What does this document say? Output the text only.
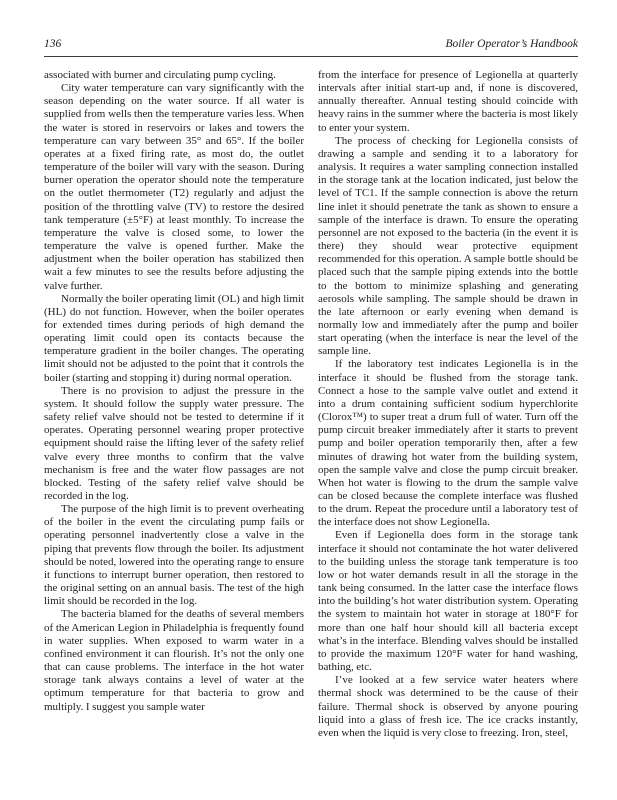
136	Boiler Operator’s Handbook

associated with burner and circulating pump cycling.

City water temperature can vary significantly with the season depending on the water source. If all water is supplied from wells then the temperature varies less. When the water is stored in reservoirs or lakes and towers the temperature can vary between 35° and 65°. If the boiler operates at a fixed firing rate, as most do, the outlet temperature of the boiler will vary with the season. During burner operation the operator should note the temperature on the outlet thermometer (T2) regularly and adjust the position of the throttling valve (TV) to restore the desired tank temperature (±5°F) at least monthly. To increase the temperature the valve is closed some, to lower the temperature the valve is opened further. Make the adjustment when the boiler operation has stabilized then wait a few minutes to see the results before adjusting the valve further.

Normally the boiler operating limit (OL) and high limit (HL) do not function. However, when the boiler operates for extended times during periods of high demand the operating limit could open its contacts because the temperature gradient in the boiler changes. The operating limit should not be adjusted to the point that it controls the boiler (starting and stopping it) during normal operation.

There is no provision to adjust the pressure in the system. It should follow the supply water pressure. The safety relief valve should not be tested to determine if it operates. Operating personnel wearing proper protective equipment should raise the lifting lever of the safety relief valve every three months to confirm that the valve mechanism is free and the water flow passages are not blocked. Testing of the safety relief valve should be recorded in the log.

The purpose of the high limit is to prevent overheating of the boiler in the event the circulating pump fails or operating personnel inadvertently close a valve in the piping that prevents flow through the boiler. Its adjustment should be noted, lowered into the operating range to ensure it functions to interrupt burner operation, then restored to the original setting on an annual basis. The test of the high limit should be recorded in the log.

The bacteria blamed for the deaths of several members of the American Legion in Philadelphia is frequently found in water supplies. When exposed to warm water in a confined environment it can flourish. It’s not the only one that can cause problems. The interface in the hot water storage tank always contains a level of water at the optimum temperature for that bacteria to grow and multiply. I suggest you sample water

from the interface for presence of Legionella at quarterly intervals after initial start-up and, if none is discovered, annually thereafter. Annual testing should coincide with heavy rains in the summer where the bacteria is most likely to enter your system.

The process of checking for Legionella consists of drawing a sample and sending it to a laboratory for analysis. It requires a water sampling connection installed in the storage tank at the location indicated, just below the level of TC1. If the sample connection is above the return line inlet it should penetrate the tank as shown to ensure a sample of the interface is drawn. To ensure the operating personnel are not exposed to the bacteria (in the event it is there) they should wear protective equipment recommended for this operation. A sample bottle should be placed such that the sample piping extends into the bottle to the bottom to minimize splashing and generating aerosols while sampling. The sample should be drawn in the late afternoon or early evening when demand is normally low and immediately after the pump and boiler start operating (when the interface is near the level of the sample line.

If the laboratory test indicates Legionella is in the interface it should be flushed from the storage tank. Connect a hose to the sample valve outlet and extend it into a drum containing sufficient sodium hyperchlorite (Clorox™) to super treat a drum full of water. Turn off the pump circuit breaker immediately after it starts to prevent pump and boiler operation temporarily then, after a few minutes of drawing hot water from the building system, open the sample valve and close the pump circuit breaker. When hot water is flowing to the drum the sample valve can be closed because the complete interface was flushed to the drum. Repeat the procedure until a laboratory test of the interface does not show Legionella.

Even if Legionella does form in the storage tank interface it should not contaminate the hot water delivered to the building unless the storage tank temperature is too low or hot water demands result in all the storage in the tank being consumed. In the latter case the interface flows into the building’s hot water distribution system. Operating the system to maintain hot water in storage at 180°F for more than one half hour should kill all bacteria except what’s in the interface. Blending valves should be installed to provide the maximum 120°F water for hand washing, bathing, etc.

I’ve looked at a few service water heaters where thermal shock was determined to be the cause of their failure. Thermal shock is observed by anyone pouring liquid into a glass of fresh ice. The ice cracks instantly, even when the liquid is very close to freezing. Iron, steel,
